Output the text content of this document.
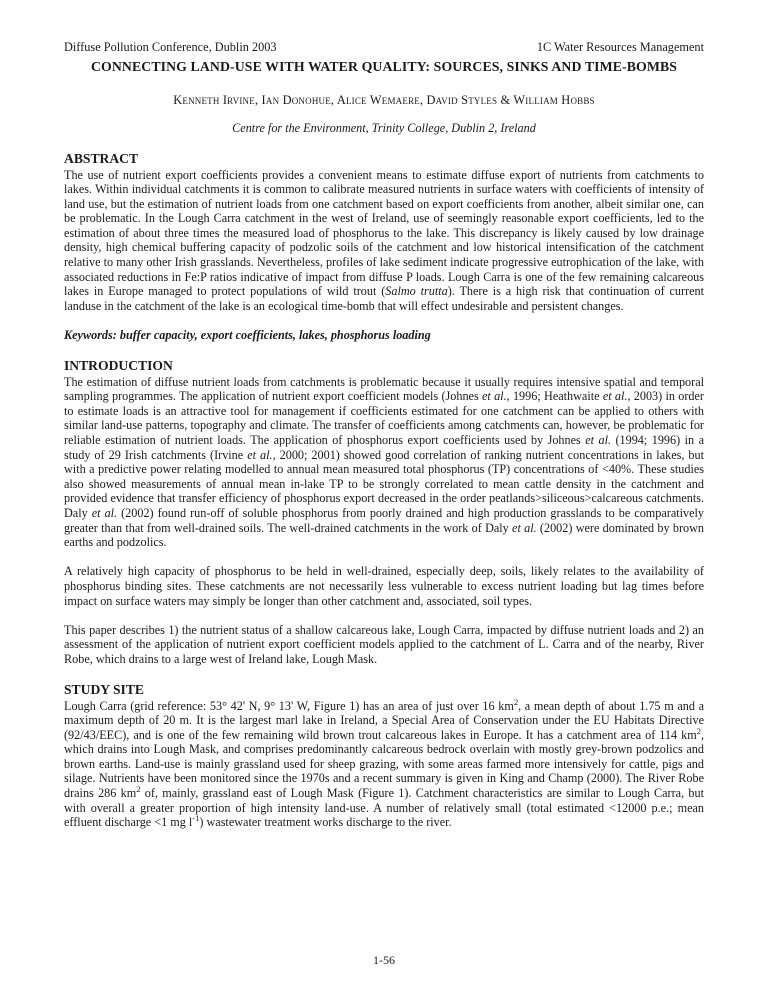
Diffuse Pollution Conference, Dublin 2003	1C Water Resources Management
CONNECTING LAND-USE WITH WATER QUALITY: SOURCES, SINKS AND TIME-BOMBS
Kenneth Irvine, Ian Donohue, Alice Wemaere, David Styles & William Hobbs
Centre for the Environment, Trinity College, Dublin 2, Ireland
ABSTRACT

The use of nutrient export coefficients provides a convenient means to estimate diffuse export of nutrients from catchments to lakes. Within individual catchments it is common to calibrate measured nutrients in surface waters with coefficients of intensity of land use, but the estimation of nutrient loads from one catchment based on export coefficients from another, albeit similar one, can be problematic. In the Lough Carra catchment in the west of Ireland, use of seemingly reasonable export coefficients, led to the estimation of about three times the measured load of phosphorus to the lake. This discrepancy is likely caused by low drainage density, high chemical buffering capacity of podzolic soils of the catchment and low historical intensification of the catchment relative to many other Irish grasslands. Nevertheless, profiles of lake sediment indicate progressive eutrophication of the lake, with associated reductions in Fe:P ratios indicative of impact from diffuse P loads. Lough Carra is one of the few remaining calcareous lakes in Europe managed to protect populations of wild trout (Salmo trutta). There is a high risk that continuation of current landuse in the catchment of the lake is an ecological time-bomb that will effect undesirable and persistent changes.

Keywords: buffer capacity, export coefficients, lakes, phosphorus loading

INTRODUCTION

The estimation of diffuse nutrient loads from catchments is problematic because it usually requires intensive spatial and temporal sampling programmes. The application of nutrient export coefficient models (Johnes et al., 1996; Heathwaite et al., 2003) in order to estimate loads is an attractive tool for management if coefficients estimated for one catchment can be applied to others with similar land-use patterns, topography and climate. The transfer of coefficients among catchments can, however, be problematic for reliable estimation of nutrient loads. The application of phosphorus export coefficients used by Johnes et al. (1994; 1996) in a study of 29 Irish catchments (Irvine et al., 2000; 2001) showed good correlation of ranking nutrient concentrations in lakes, but with a predictive power relating modelled to annual mean measured total phosphorus (TP) concentrations of <40%. These studies also showed measurements of annual mean in-lake TP to be strongly correlated to mean cattle density in the catchment and provided evidence that transfer efficiency of phosphorus export decreased in the order peatlands>siliceous>calcareous catchments. Daly et al. (2002) found run-off of soluble phosphorus from poorly drained and high production grasslands to be comparatively greater than that from well-drained soils. The well-drained catchments in the work of Daly et al. (2002) were dominated by brown earths and podzolics.

A relatively high capacity of phosphorus to be held in well-drained, especially deep, soils, likely relates to the availability of phosphorus binding sites. These catchments are not necessarily less vulnerable to excess nutrient loading but lag times before impact on surface waters may simply be longer than other catchment and, associated, soil types.

This paper describes 1) the nutrient status of a shallow calcareous lake, Lough Carra, impacted by diffuse nutrient loads and 2) an assessment of the application of nutrient export coefficient models applied to the catchment of L. Carra and of the nearby, River Robe, which drains to a large west of Ireland lake, Lough Mask.

STUDY SITE

Lough Carra (grid reference: 53° 42' N, 9° 13' W, Figure 1) has an area of just over 16 $km^2$, a mean depth of about 1.75 m and a maximum depth of 20 m. It is the largest marl lake in Ireland, a Special Area of Conservation under the EU Habitats Directive (92/43/EEC), and is one of the few remaining wild brown trout calcareous lakes in Europe. It has a catchment area of 114 $km^2$, which drains into Lough Mask, and comprises predominantly calcareous bedrock overlain with mostly grey-brown podzolics and brown earths. Land-use is mainly grassland used for sheep grazing, with some areas farmed more intensively for cattle, pigs and silage. Nutrients have been monitored since the 1970s and a recent summary is given in King and Champ (2000). The River Robe drains 286 $km^2$ of, mainly, grassland east of Lough Mask (Figure 1). Catchment characteristics are similar to Lough Carra, but with overall a greater proportion of high intensity land-use. A number of relatively small (total estimated <12000 p.e.; mean effluent discharge <1 mg $l^{-1}$) wastewater treatment works discharge to the river.

1-56
